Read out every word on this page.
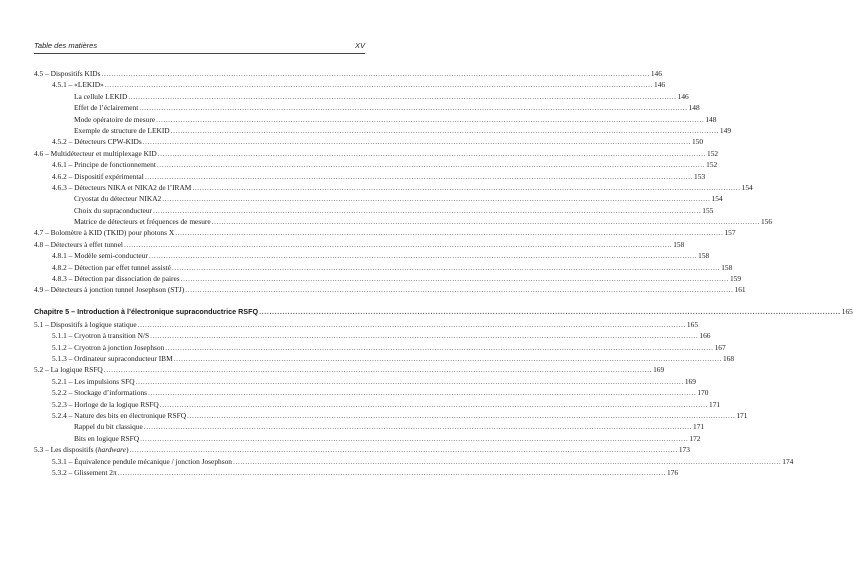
Table des matières	XV
4.5 – Dispositifs KIDs ................................................................................................................................................................................................................................ 146
4.5.1 – «LEKID» ................................................................................................................................................................................................................................ 146
La cellule LEKID ................................................................................................................................................................................................................................ 146
Effet de l’éclairement ................................................................................................................................................................................................................................ 148
Mode opératoire de mesure ................................................................................................................................................................................................................................ 148
Exemple de structure de LEKID ................................................................................................................................................................................................................................ 149
4.5.2 – Détecteurs CPW-KIDs ................................................................................................................................................................................................................................ 150
4.6 – Multidétecteur et multiplexage KID ................................................................................................................................................................................................................................ 152
4.6.1 – Principe de fonctionnement ................................................................................................................................................................................................................................ 152
4.6.2 – Dispositif expérimental ................................................................................................................................................................................................................................ 153
4.6.3 – Détecteurs NIKA et NIKA2 de l’IRAM ................................................................................................................................................................................................................................ 154
Cryostat du détecteur NIKA2 ................................................................................................................................................................................................................................ 154
Choix du supraconducteur ................................................................................................................................................................................................................................ 155
Matrice de détecteurs et fréquences de mesure ................................................................................................................................................................................................................................ 156
4.7 – Bolomètre à KID (TKID) pour photons X ................................................................................................................................................................................................................................ 157
4.8 – Détecteurs à effet tunnel ................................................................................................................................................................................................................................ 158
4.8.1 – Modèle semi-conducteur ................................................................................................................................................................................................................................ 158
4.8.2 – Détection par effet tunnel assisté ................................................................................................................................................................................................................................ 158
4.8.3 – Détection par dissociation de paires ................................................................................................................................................................................................................................ 159
4.9 – Détecteurs à jonction tunnel Josephson (STJ) ................................................................................................................................................................................................................................ 161
Chapitre 5 – Introduction à l’électronique supraconductrice RSFQ ................................................................................................................................................................................................................................ 165
5.1 – Dispositifs à logique statique ................................................................................................................................................................................................................................ 165
5.1.1 – Cryotron à transition N/S ................................................................................................................................................................................................................................ 166
5.1.2 – Cryotron à jonction Josephson ................................................................................................................................................................................................................................ 167
5.1.3 – Ordinateur supraconducteur IBM ................................................................................................................................................................................................................................ 168
5.2 – La logique RSFQ ................................................................................................................................................................................................................................ 169
5.2.1 – Les impulsions SFQ ................................................................................................................................................................................................................................ 169
5.2.2 – Stockage d’informations ................................................................................................................................................................................................................................ 170
5.2.3 – Horloge de la logique RSFQ ................................................................................................................................................................................................................................ 171
5.2.4 – Nature des bits en électronique RSFQ ................................................................................................................................................................................................................................ 171
Rappel du bit classique ................................................................................................................................................................................................................................ 171
Bits en logique RSFQ ................................................................................................................................................................................................................................ 172
5.3 – Les dispositifs (hardware) ................................................................................................................................................................................................................................ 173
5.3.1 – Équivalence pendule mécanique / jonction Josephson ................................................................................................................................................................................................................................ 174
5.3.2 – Glissement 2π ................................................................................................................................................................................................................................ 176
